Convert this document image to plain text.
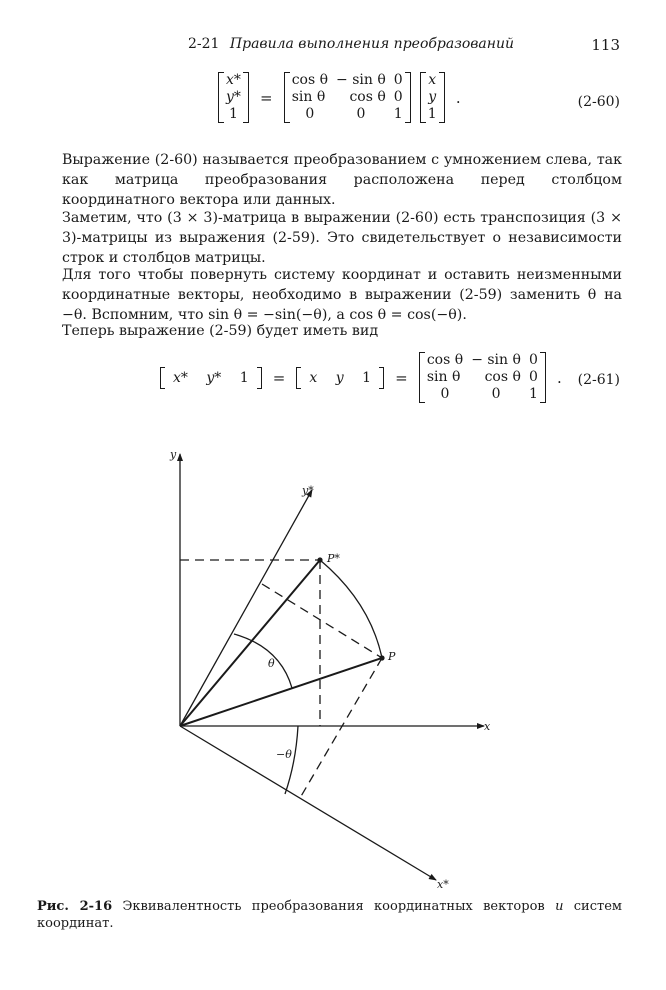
2-21 Правила выполнения преобразований	113
x*
y*
1
=
cos θ	− sin θ	0
sin θ	cos θ	0
0	0	1

x
y
1
.	(2-60)
Выражение (2-60) называется преобразованием с умножением слева, так как матрица преобразования расположена перед столбцом координатного вектора или данных.
Заметим, что (3 × 3)-матрица в выражении (2-60) есть транспозиция (3 × 3)-матрицы из выражения (2-59). Это свидетельствует о независимости строк и столбцов матрицы.
Для того чтобы повернуть систему координат и оставить неизменными координатные векторы, необходимо в выражении (2-59) заменить θ на −θ. Вспомним, что sin θ = −sin(−θ), а cos θ = cos(−θ).
Теперь выражение (2-59) будет иметь вид
x* y* 1 = x y 1 =
cos θ	− sin θ	0
sin θ	cos θ	0
0	0	1
.	(2-61)
y
x
y*
x*
P*
P
θ
−θ
Рис. 2-16 Эквивалентность преобразования координатных векторов и систем координат.
